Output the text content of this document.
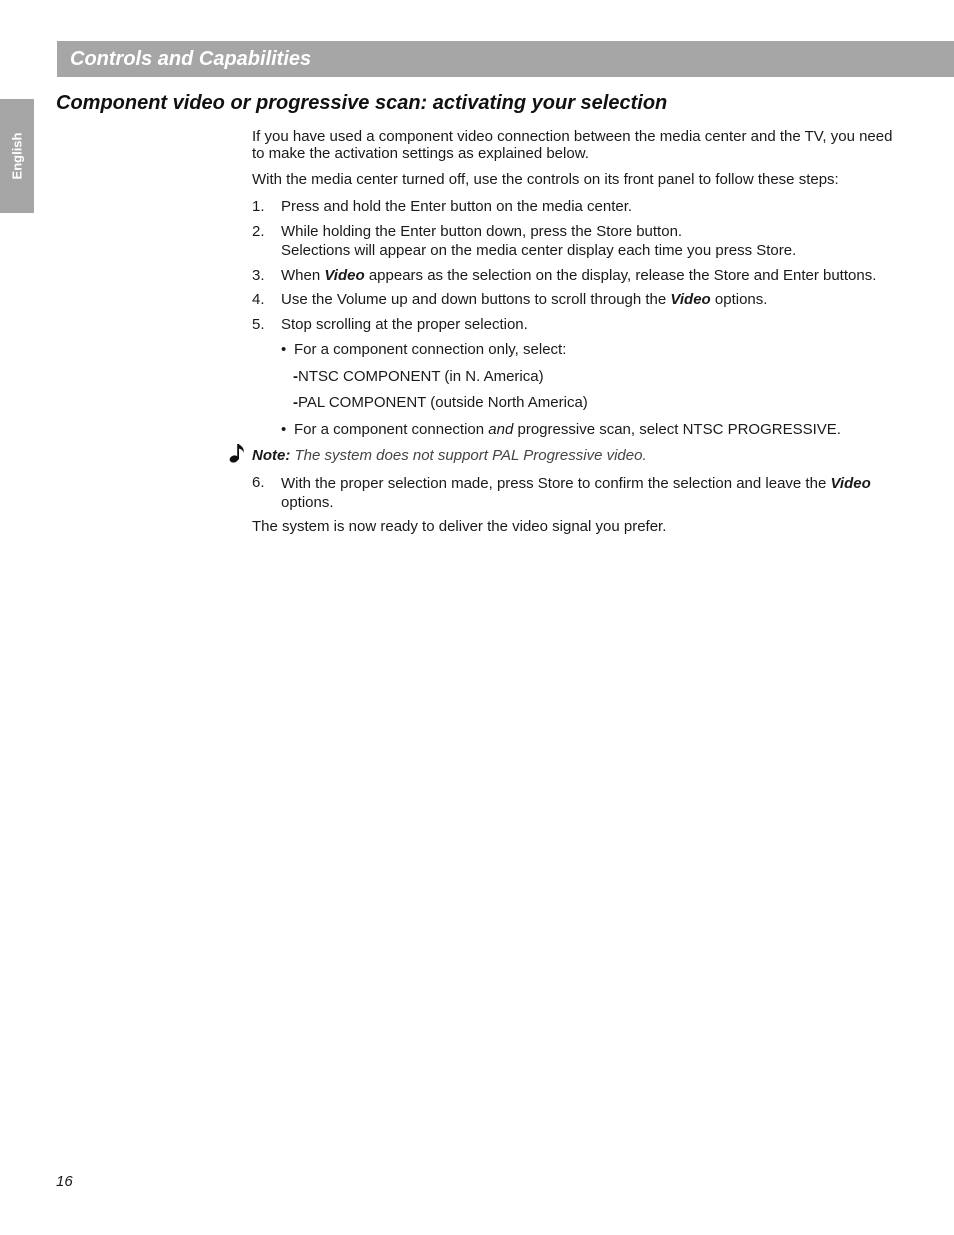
Controls and Capabilities
English
Component video or progressive scan: activating your selection
If you have used a component video connection between the media center and the TV, you need to make the activation settings as explained below.
With the media center turned off, use the controls on its front panel to follow these steps:
1. Press and hold the Enter button on the media center.
2. While holding the Enter button down, press the Store button.
Selections will appear on the media center display each time you press Store.
3. When Video appears as the selection on the display, release the Store and Enter buttons.
4. Use the Volume up and down buttons to scroll through the Video options.
5. Stop scrolling at the proper selection.
• For a component connection only, select:
-NTSC COMPONENT (in N. America)
-PAL COMPONENT (outside North America)
• For a component connection and progressive scan, select NTSC PROGRESSIVE.
Note: The system does not support PAL Progressive video.
6. With the proper selection made, press Store to confirm the selection and leave the Video options.
The system is now ready to deliver the video signal you prefer.
16
